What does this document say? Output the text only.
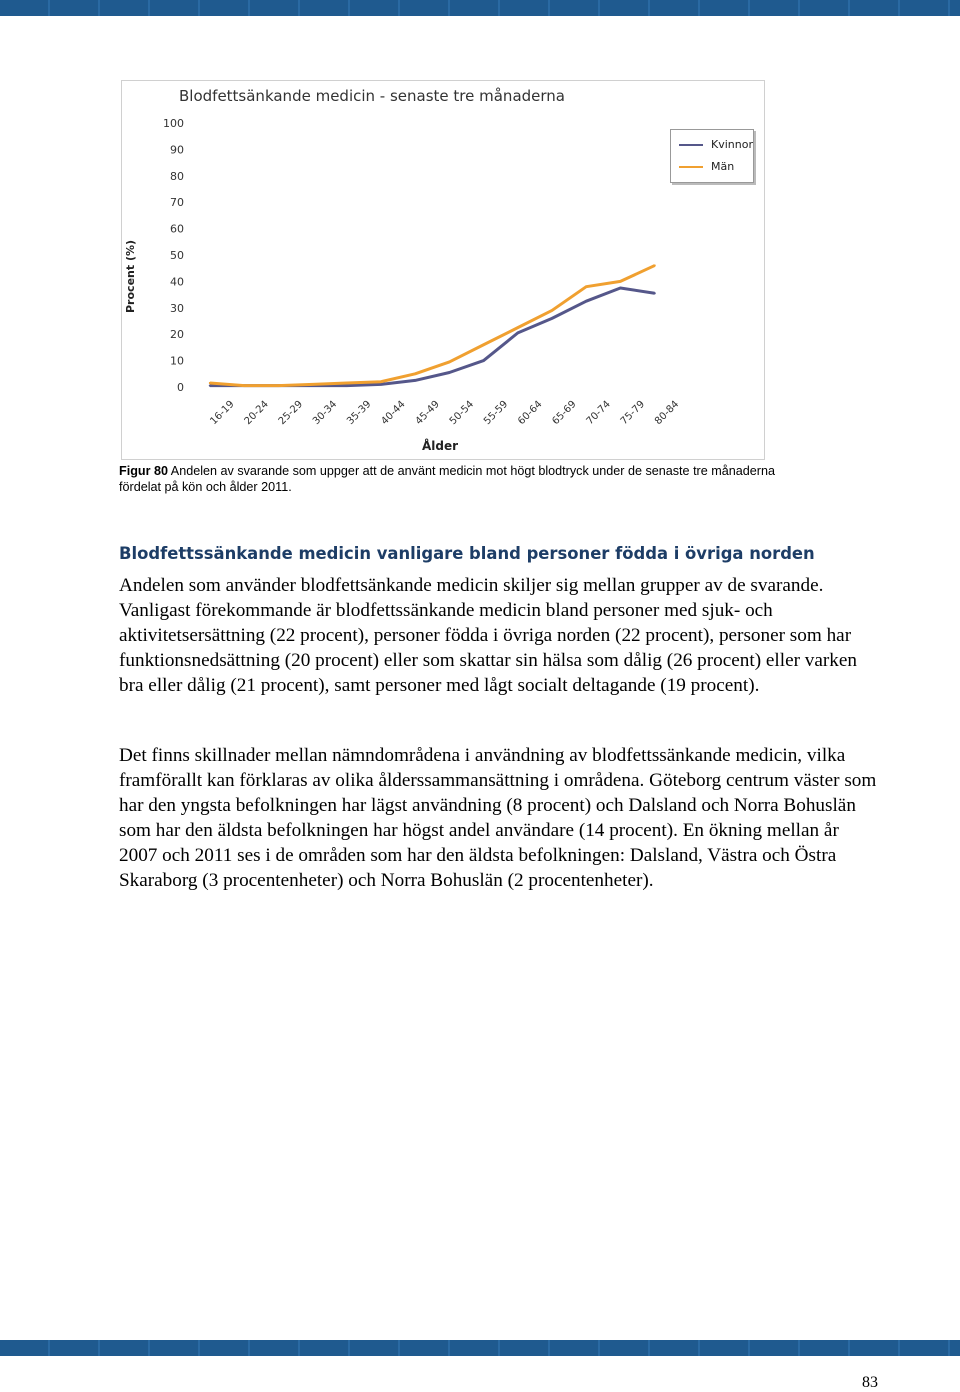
Blodfettsänkande medicin - senaste tre månaderna
Procent (%)
0
10
20
30
40
50
60
70
80
90
100
16-19 20-24 25-29 30-34 35-39 40-44 45-49 50-54 55-59 60-64 65-69 70-74 75-79 80-84
Ålder
Kvinnor
Män
Figur 80 Andelen av svarande som uppger att de använt medicin mot högt blodtryck under de senaste tre månaderna fördelat på kön och ålder 2011.
Blodfettssänkande medicin vanligare bland personer födda i övriga norden

Andelen som använder blodfettsänkande medicin skiljer sig mellan grupper av de svarande. Vanligast förekommande är blodfettssänkande medicin bland personer med sjuk- och aktivitetsersättning (22 procent), personer födda i övriga norden (22 procent), personer som har funktionsnedsättning (20 procent) eller som skattar sin hälsa som dålig (26 procent) eller varken bra eller dålig (21 procent), samt personer med lågt socialt deltagande (19 procent).

Det finns skillnader mellan nämndområdena i användning av blodfettssänkande medicin, vilka framförallt kan förklaras av olika ålderssammansättning i områdena. Göteborg centrum väster som har den yngsta befolkningen har lägst användning (8 procent) och Dalsland och Norra Bohuslän som har den äldsta befolkningen har högst andel användare (14 procent). En ökning mellan år 2007 och 2011 ses i de områden som har den äldsta befolkningen: Dalsland, Västra och Östra Skaraborg (3 procentenheter) och Norra Bohuslän (2 procentenheter).

83
